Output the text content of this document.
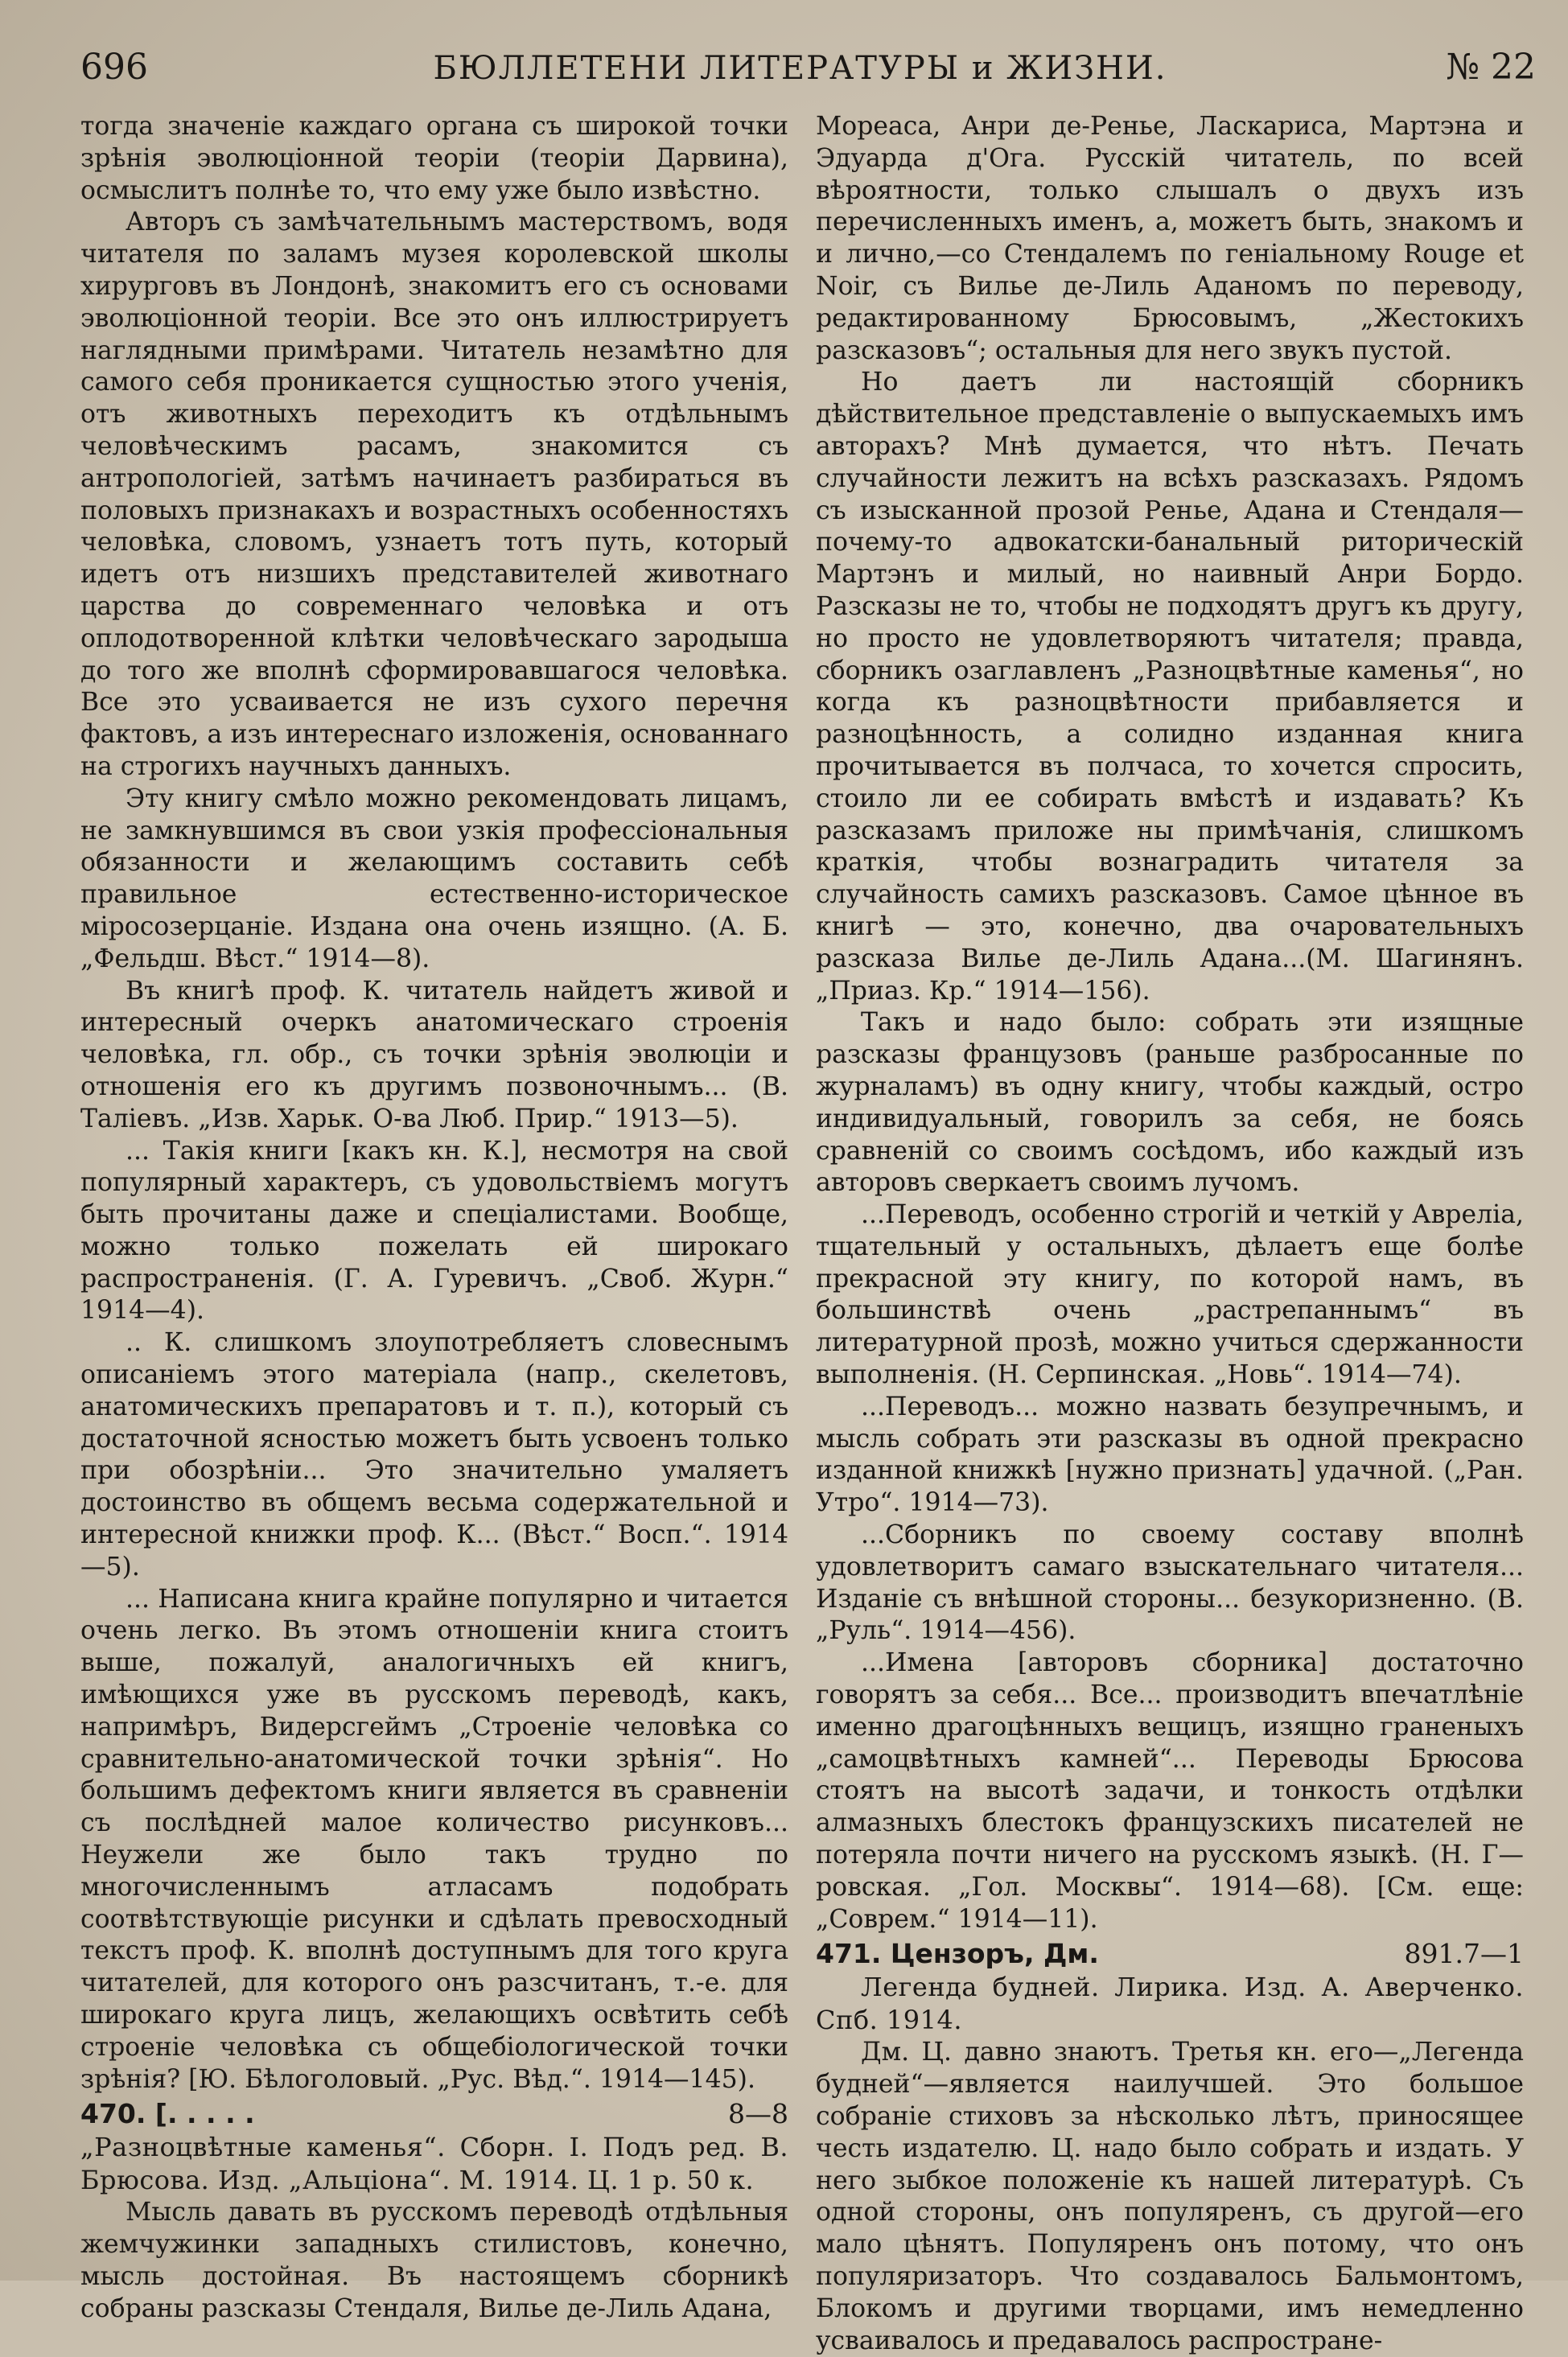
696	БЮЛЛЕТЕНИ ЛИТЕРАТУРЫ и ЖИЗНИ.	№ 22

тогда значеніе каждаго органа съ широкой точки зрѣнія эволюціонной теоріи (теоріи Дарвина), осмыслитъ полнѣе то, что ему уже было извѣстно.

Авторъ съ замѣчательнымъ мастерствомъ, водя читателя по заламъ музея королевской школы хирурговъ въ Лондонѣ, знакомитъ его съ основами эволюціонной теоріи. Все это онъ иллюстрируетъ наглядными примѣрами. Читатель незамѣтно для самого себя проникается сущностью этого ученія, отъ животныхъ переходитъ къ отдѣльнымъ человѣческимъ расамъ, знакомится съ антропологіей, затѣмъ начинаетъ разбираться въ половыхъ признакахъ и возрастныхъ особенностяхъ человѣка, словомъ, узнаетъ тотъ путь, который идетъ отъ низшихъ представителей животнаго царства до современнаго человѣка и отъ оплодотворенной клѣтки человѣческаго зародыша до того же вполнѣ сформировавшагося человѣка. Все это усваивается не изъ сухого перечня фактовъ, а изъ интереснаго изложенія, основаннаго на строгихъ научныхъ данныхъ.

Эту книгу смѣло можно рекомендовать лицамъ, не замкнувшимся въ свои узкія профессіональныя обязанности и желающимъ составить себѣ правильное естественно-историческое міросозерцаніе. Издана она очень изящно. (А. Б. „Фельдш. Вѣст.“ 1914—8).

Въ книгѣ проф. К. читатель найдетъ живой и интересный очеркъ анатомическаго строенія человѣка, гл. обр., съ точки зрѣнія эволюціи и отношенія его къ другимъ позвоночнымъ... (В. Талiевъ. „Изв. Харьк. О-ва Люб. Прир.“ 1913—5).

... Такія книги [какъ кн. К.], несмотря на свой популярный характеръ, съ удовольствіемъ могутъ быть прочитаны даже и спеціалистами. Вообще, можно только пожелать ей широкаго распространенія. (Г. А. Гуревичъ. „Своб. Журн.“ 1914—4).

.. К. слишкомъ злоупотребляетъ словеснымъ описаніемъ этого матеріала (напр., скелетовъ, анатомическихъ препаратовъ и т. п.), который съ достаточной ясностью можетъ быть усвоенъ только при обозрѣніи... Это значительно умаляетъ достоинство въ общемъ весьма содержательной и интересной книжки проф. К... (Вѣст.“ Восп.“. 1914—5).

... Написана книга крайне популярно и читается очень легко. Въ этомъ отношеніи книга стоитъ выше, пожалуй, аналогичныхъ ей книгъ, имѣющихся уже въ русскомъ переводѣ, какъ, напримѣръ, Видерсгеймъ „Строеніе человѣка со сравнительно-анатомической точки зрѣнія“. Но большимъ дефектомъ книги является въ сравненіи съ послѣдней малое количество рисунковъ... Неужели же было такъ трудно по многочисленнымъ атласамъ подобрать соотвѣтствующіе рисунки и сдѣлать превосходный текстъ проф. К. вполнѣ доступнымъ для того круга читателей, для которого онъ разсчитанъ, т.-е. для широкаго круга лицъ, желающихъ освѣтить себѣ строеніе человѣка съ общебіологической точки зрѣнія? [Ю. Бѣлоголовый. „Рус. Вѣд.“. 1914—145).

470. [. . . . .	8—8

„Разноцвѣтные каменья“. Сборн. I. Подъ ред. В. Брюсова. Изд. „Альціона“. М. 1914. Ц. 1 р. 50 к.

Мысль давать въ русскомъ переводѣ отдѣльныя жемчужинки западныхъ стилистовъ, конечно, мысль достойная. Въ настоящемъ сборникѣ собраны разсказы Стендаля, Вилье де-Лиль Адана,

Мореаса, Анри де-Ренье, Ласкариса, Мартэна и Эдуарда д'Ога. Русскій читатель, по всей вѣроятности, только слышалъ о двухъ изъ перечисленныхъ именъ, а, можетъ быть, знакомъ и и лично,—со Стендалемъ по геніальному Rouge et Noir, съ Вилье де-Лиль Аданомъ по переводу, редактированному Брюсовымъ, „Жестокихъ разсказовъ“; остальныя для него звукъ пустой.

Но даетъ ли настоящій сборникъ дѣйствительное представленіе о выпускаемыхъ имъ авторахъ? Мнѣ думается, что нѣтъ. Печать случайности лежитъ на всѣхъ разсказахъ. Рядомъ съ изысканной прозой Ренье, Адана и Стендаля—почему-то адвокатски-банальный риторическій Мартэнъ и милый, но наивный Анри Бордо. Разсказы не то, чтобы не подходятъ другъ къ другу, но просто не удовлетворяютъ читателя; правда, сборникъ озаглавленъ „Разноцвѣтные каменья“, но когда къ разноцвѣтности прибавляется и разноцѣнность, а солидно изданная книга прочитывается въ полчаса, то хочется спросить, стоило ли ее собирать вмѣстѣ и издавать? Къ разсказамъ приложе ны примѣчанія, слишкомъ краткія, чтобы вознаградить читателя за случайность самихъ разсказовъ. Самое цѣнное въ книгѣ — это, конечно, два очаровательныхъ разсказа Вилье де-Лиль Адана...(М. Шагинянъ. „Приаз. Кр.“ 1914—156).

Такъ и надо было: собрать эти изящные разсказы французовъ (раньше разбросанные по журналамъ) въ одну книгу, чтобы каждый, остро индивидуальный, говорилъ за себя, не боясь сравненій со своимъ сосѣдомъ, ибо каждый изъ авторовъ сверкаетъ своимъ лучомъ.

...Переводъ, особенно строгій и четкій у Авреліа, тщательный у остальныхъ, дѣлаетъ еще болѣе прекрасной эту книгу, по которой намъ, въ большинствѣ очень „растрепаннымъ“ въ литературной прозѣ, можно учиться сдержанности выполненія. (Н. Серпинская. „Новь“. 1914—74).

...Переводъ... можно назвать безупречнымъ, и мысль собрать эти разсказы въ одной прекрасно изданной книжкѣ [нужно признать] удачной. („Ран. Утро“. 1914—73).

...Сборникъ по своему составу вполнѣ удовлетворитъ самаго взыскательнаго читателя... Изданіе съ внѣшной стороны... безукоризненно. (В. „Руль“. 1914—456).

...Имена [авторовъ сборника] достаточно говорятъ за себя... Все... производитъ впечатлѣніе именно драгоцѣнныхъ вещицъ, изящно граненыхъ „самоцвѣтныхъ камней“... Переводы Брюсова стоятъ на высотѣ задачи, и тонкость отдѣлки алмазныхъ блестокъ французскихъ писателей не потеряла почти ничего на русскомъ языкѣ. (Н. Г—ровская. „Гол. Москвы“. 1914—68). [См. еще: „Соврем.“ 1914—11).

471. Цензоръ, Дм.	891.7—1

Легенда будней. Лирика. Изд. А. Аверченко. Спб. 1914.

Дм. Ц. давно знаютъ. Третья кн. его—„Легенда будней“—является наилучшей. Это большое собраніе стиховъ за нѣсколько лѣтъ, приносящее честь издателю. Ц. надо было собрать и издать. У него зыбкое положеніе къ нашей литературѣ. Съ одной стороны, онъ популяренъ, съ другой—его мало цѣнятъ. Популяренъ онъ потому, что онъ популяризаторъ. Что создавалось Бальмонтомъ, Блокомъ и другими творцами, имъ немедленно усваивалось и предавалось распростране-
